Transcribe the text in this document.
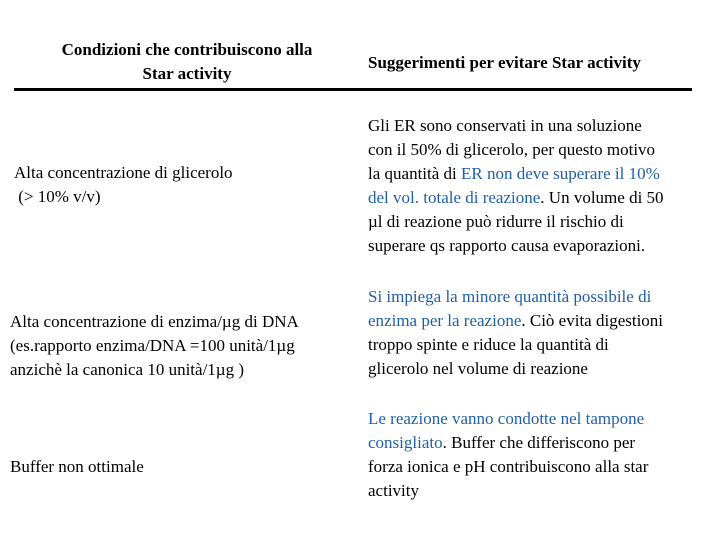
Condizioni che contribuiscono alla
Star activity
Suggerimenti per evitare Star activity
Alta concentrazione di glicerolo
(> 10% v/v)
Gli ER sono conservati in una soluzione
con il 50% di glicerolo, per questo motivo
la quantità di ER non deve superare il 10%
del vol. totale di reazione. Un volume di 50
µl di reazione può ridurre il rischio di
superare qs rapporto causa evaporazioni.
Alta concentrazione di enzima/µg di DNA
(es.rapporto enzima/DNA =100 unità/1µg
anzichè la canonica 10 unità/1µg )
Si impiega la minore quantità possibile di
enzima per la reazione. Ciò evita digestioni
troppo spinte e riduce la quantità di
glicerolo nel volume di reazione
Buffer non ottimale
Le reazione vanno condotte nel tampone
consigliato. Buffer che differiscono per
forza ionica e pH contribuiscono alla star
activity
